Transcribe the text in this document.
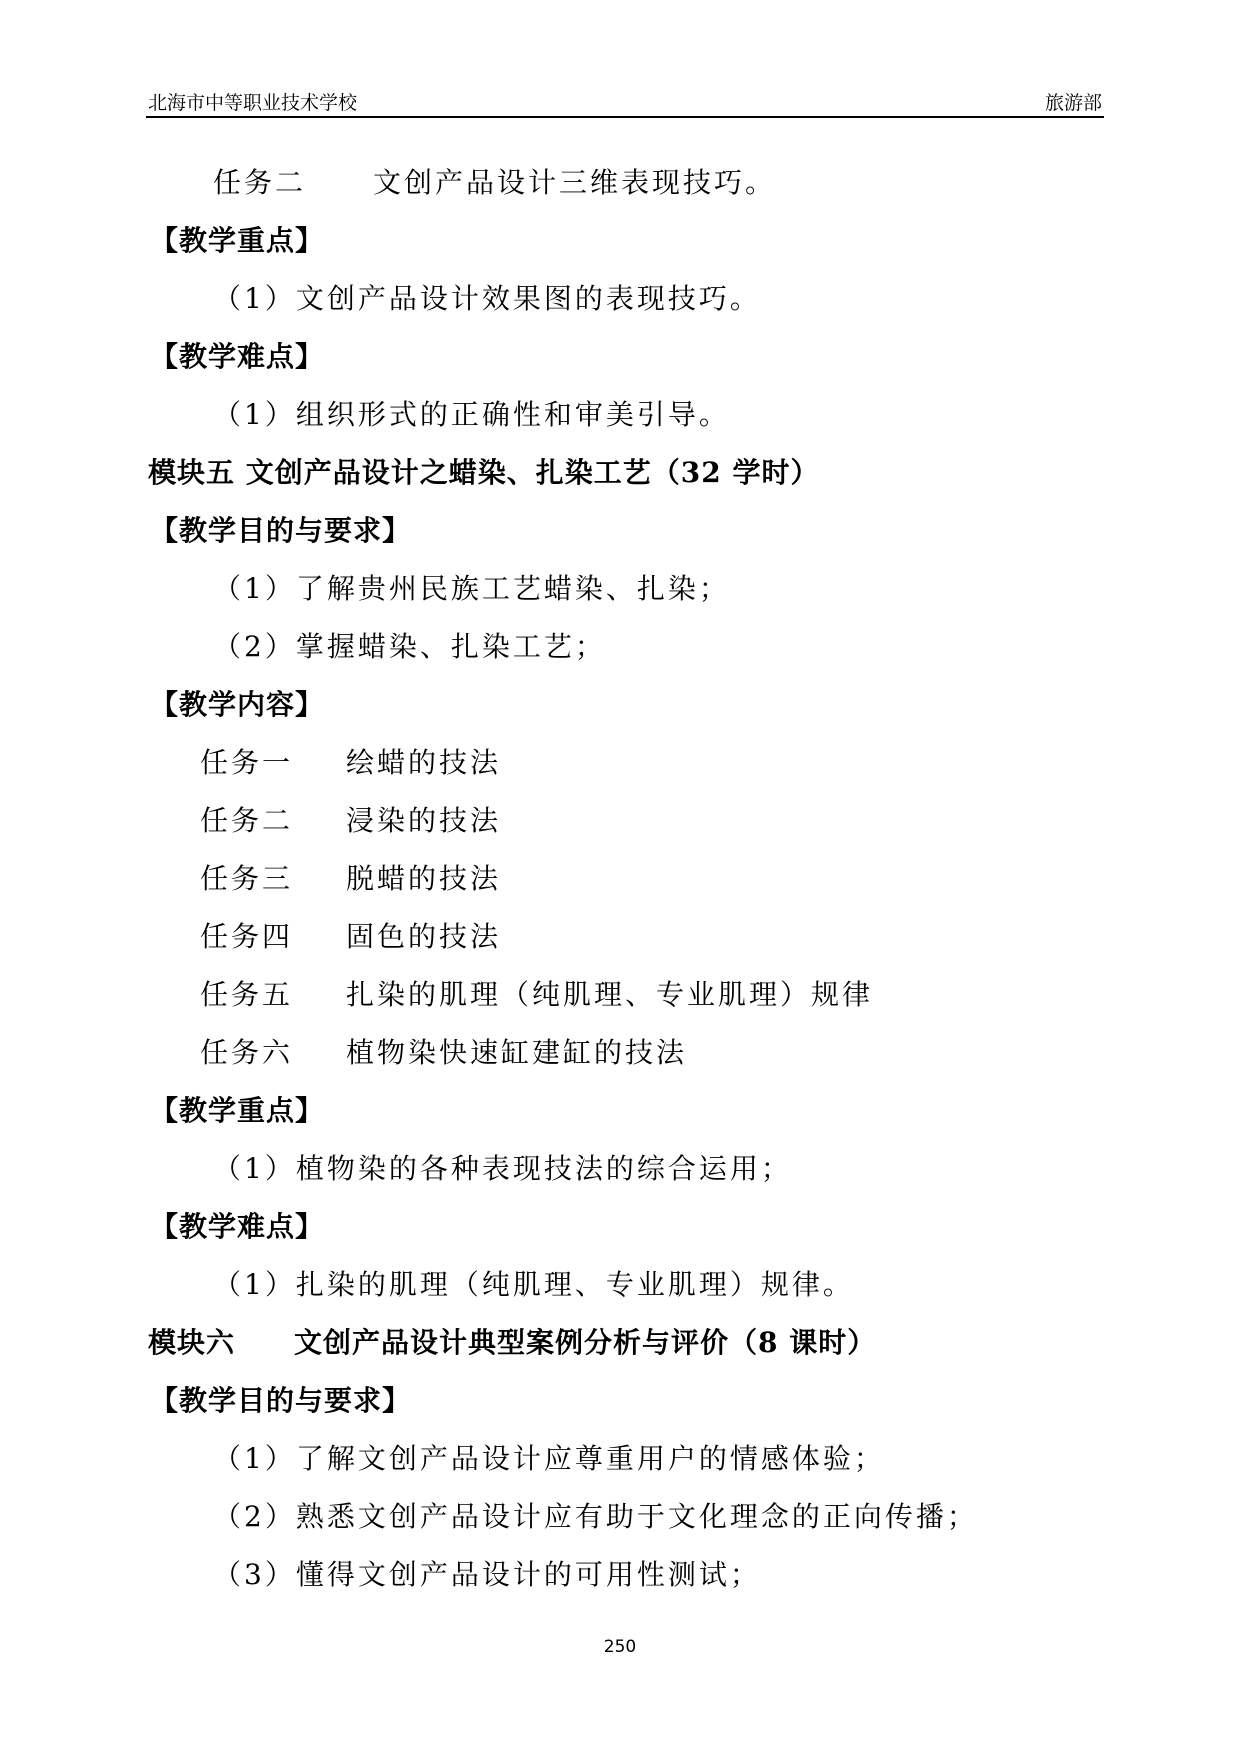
北海市中等职业技术学校	旅游部
任务二 文创产品设计三维表现技巧。
【教学重点】
（1）文创产品设计效果图的表现技巧。
【教学难点】
（1）组织形式的正确性和审美引导。
模块五 文创产品设计之蜡染、扎染工艺（32 学时）
【教学目的与要求】
（1）了解贵州民族工艺蜡染、扎染；
（2）掌握蜡染、扎染工艺；
【教学内容】
任务一 绘蜡的技法
任务二 浸染的技法
任务三 脱蜡的技法
任务四 固色的技法
任务五 扎染的肌理（纯肌理、专业肌理）规律
任务六 植物染快速缸建缸的技法
【教学重点】
（1）植物染的各种表现技法的综合运用；
【教学难点】
（1）扎染的肌理（纯肌理、专业肌理）规律。
模块六 文创产品设计典型案例分析与评价（8 课时）
【教学目的与要求】
（1）了解文创产品设计应尊重用户的情感体验；
（2）熟悉文创产品设计应有助于文化理念的正向传播；
（3）懂得文创产品设计的可用性测试；
250
